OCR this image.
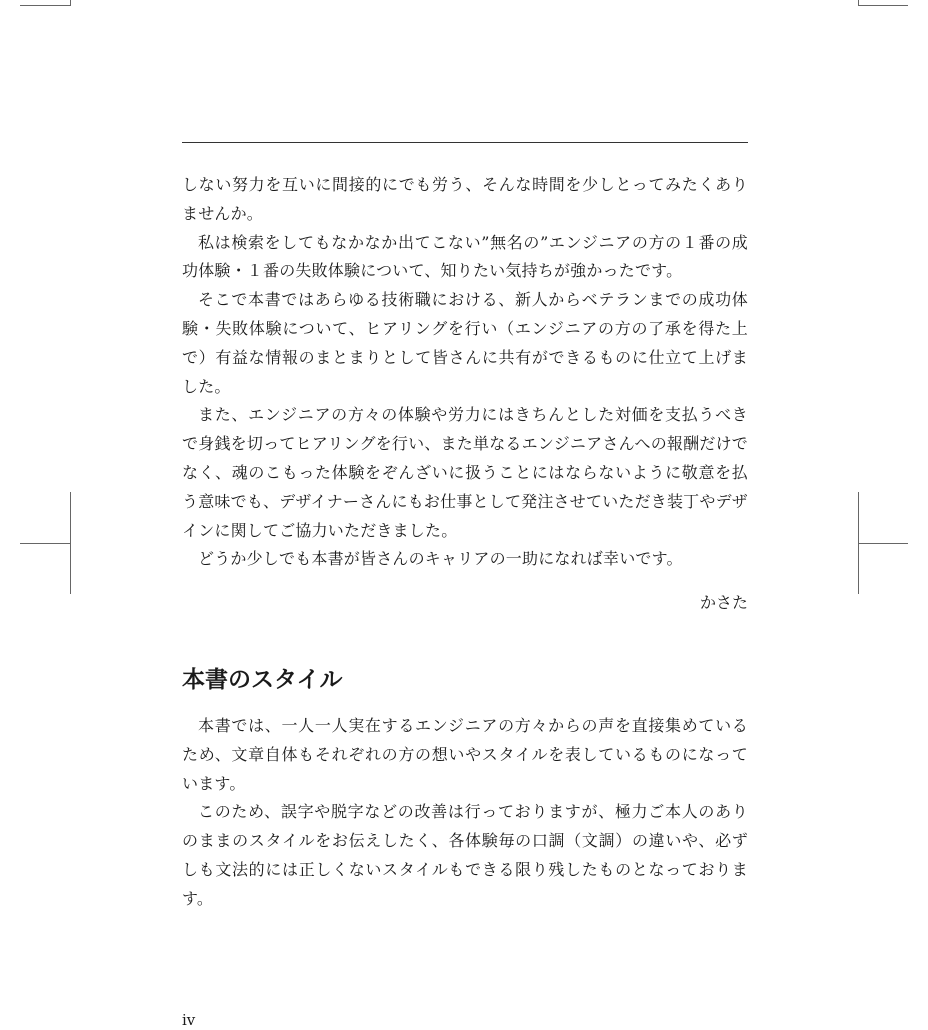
しない努力を互いに間接的にでも労う、そんな時間を少しとってみたくありませんか。

私は検索をしてもなかなか出てこない”無名の”エンジニアの方の１番の成功体験・１番の失敗体験について、知りたい気持ちが強かったです。

そこで本書ではあらゆる技術職における、新人からベテランまでの成功体験・失敗体験について、ヒアリングを行い（エンジニアの方の了承を得た上で）有益な情報のまとまりとして皆さんに共有ができるものに仕立て上げました。

また、エンジニアの方々の体験や労力にはきちんとした対価を支払うべきで身銭を切ってヒアリングを行い、また単なるエンジニアさんへの報酬だけでなく、魂のこもった体験をぞんざいに扱うことにはならないように敬意を払う意味でも、デザイナーさんにもお仕事として発注させていただき装丁やデザインに関してご協力いただきました。

どうか少しでも本書が皆さんのキャリアの一助になれば幸いです。

かさた
本書のスタイル

本書では、一人一人実在するエンジニアの方々からの声を直接集めているため、文章自体もそれぞれの方の想いやスタイルを表しているものになっています。

このため、誤字や脱字などの改善は行っておりますが、極力ご本人のありのままのスタイルをお伝えしたく、各体験毎の口調（文調）の違いや、必ずしも文法的には正しくないスタイルもできる限り残したものとなっております。

iv
